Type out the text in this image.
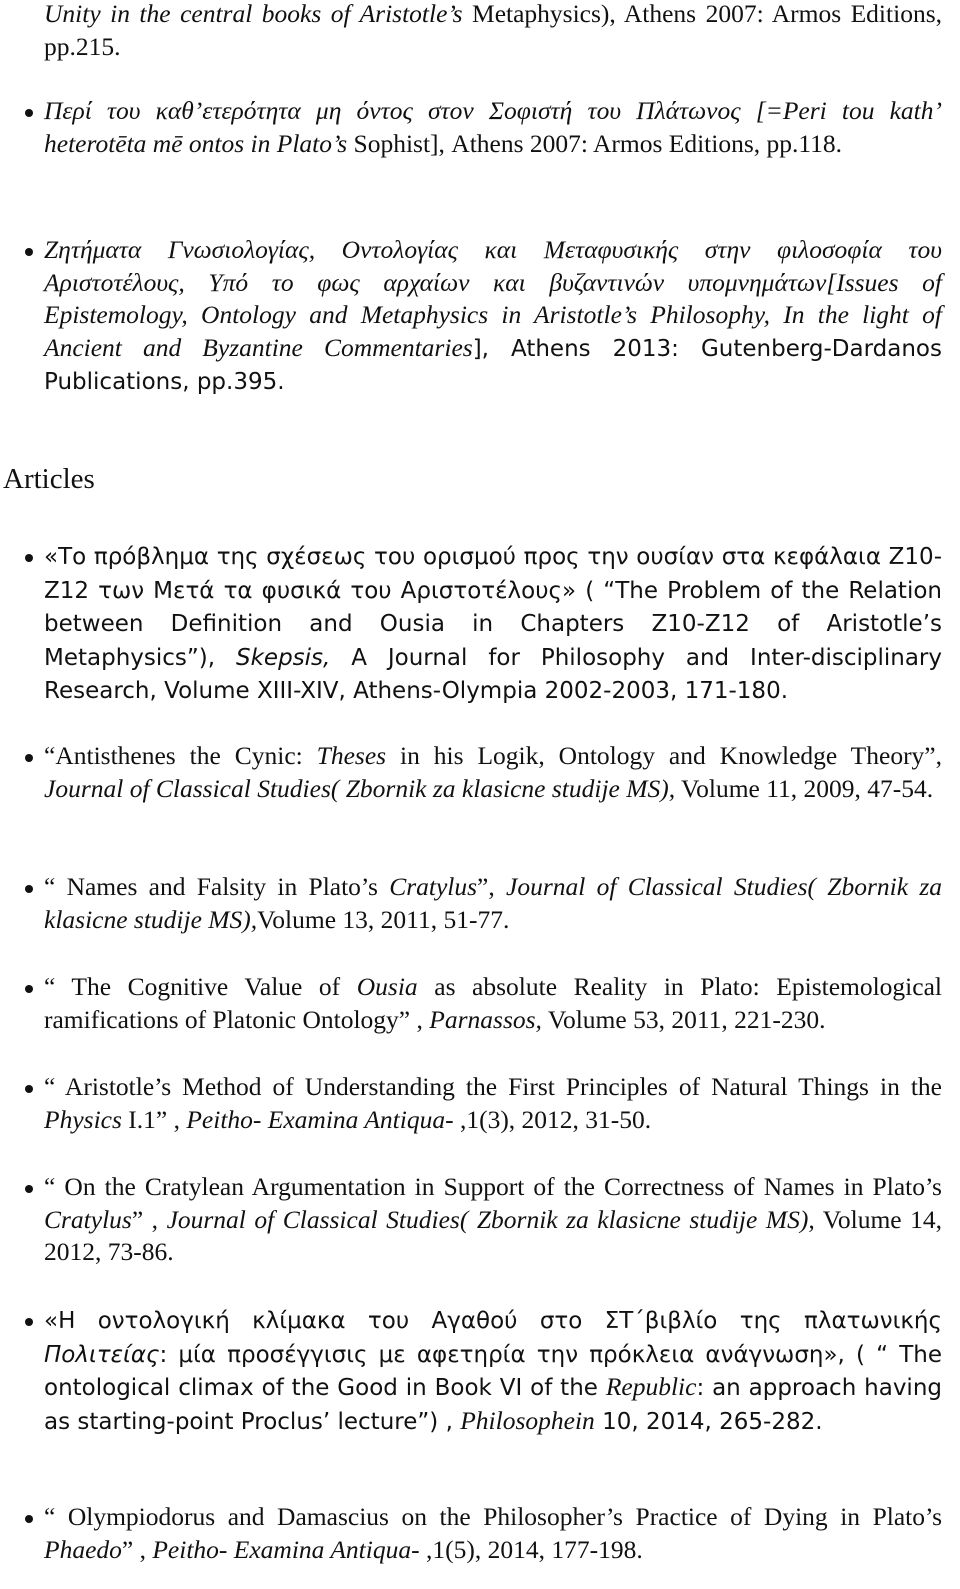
Unity in the central books of Aristotle’s Metaphysics), Athens 2007: Armos Editions, pp.215.

Περί του καθ’ετερότητα μη όντος στον Σοφιστή του Πλάτωνος [=Peri tou kath’ heterotēta mē ontos in Plato’s Sophist], Athens 2007: Armos Editions, pp.118.

Ζητήματα Γνωσιολογίας, Οντολογίας και Μεταφυσικής στην φιλοσοφία του Αριστοτέλους, Υπό το φως αρχαίων και βυζαντινών υπομνημάτων[Issues of Epistemology, Ontology and Metaphysics in Aristotle’s Philosophy, In the light of Ancient and Byzantine Commentaries], Athens 2013: Gutenberg-Dardanos Publications, pp.395.

Articles

«Το πρόβλημα της σχέσεως του ορισμού προς την ουσίαν στα κεφάλαια Ζ10-Ζ12 των Μετά τα φυσικά του Αριστοτέλους» ( “The Problem of the Relation between Definition and Ousia in Chapters Z10-Z12 of Aristotle’s Metaphysics”), Skepsis, A Journal for Philosophy and Inter-disciplinary Research, Volume XIII-XIV, Athens-Olympia 2002-2003, 171-180.

“Antisthenes the Cynic: Theses in his Logik, Ontology and Knowledge Theory”, Journal of Classical Studies( Zbornik za klasicne studije MS), Volume 11, 2009, 47-54.

“ Names and Falsity in Plato’s Cratylus”, Journal of Classical Studies( Zbornik za klasicne studije MS),Volume 13, 2011, 51-77.

“ The Cognitive Value of Ousia as absolute Reality in Plato: Epistemological ramifications of Platonic Ontology” , Parnassos, Volume 53, 2011, 221-230.

“ Aristotle’s Method of Understanding the First Principles of Natural Things in the Physics I.1” , Peitho- Examina Antiqua- ,1(3), 2012, 31-50.

“ On the Cratylean Argumentation in Support of the Correctness of Names in Plato’s Cratylus” , Journal of Classical Studies( Zbornik za klasicne studije MS), Volume 14, 2012, 73-86.

«Η οντολογική κλίμακα του Αγαθού στο ΣΤ΄βιβλίο της πλατωνικής Πολιτείας: μία προσέγγισις με αφετηρία την πρόκλεια ανάγνωση», ( “ The ontological climax of the Good in Book VI of the Republic: an approach having as starting-point Proclus’ lecture”) , Philosophein 10, 2014, 265-282.

“ Olympiodorus and Damascius on the Philosopher’s Practice of Dying in Plato’s Phaedo” , Peitho- Examina Antiqua- ,1(5), 2014, 177-198.
